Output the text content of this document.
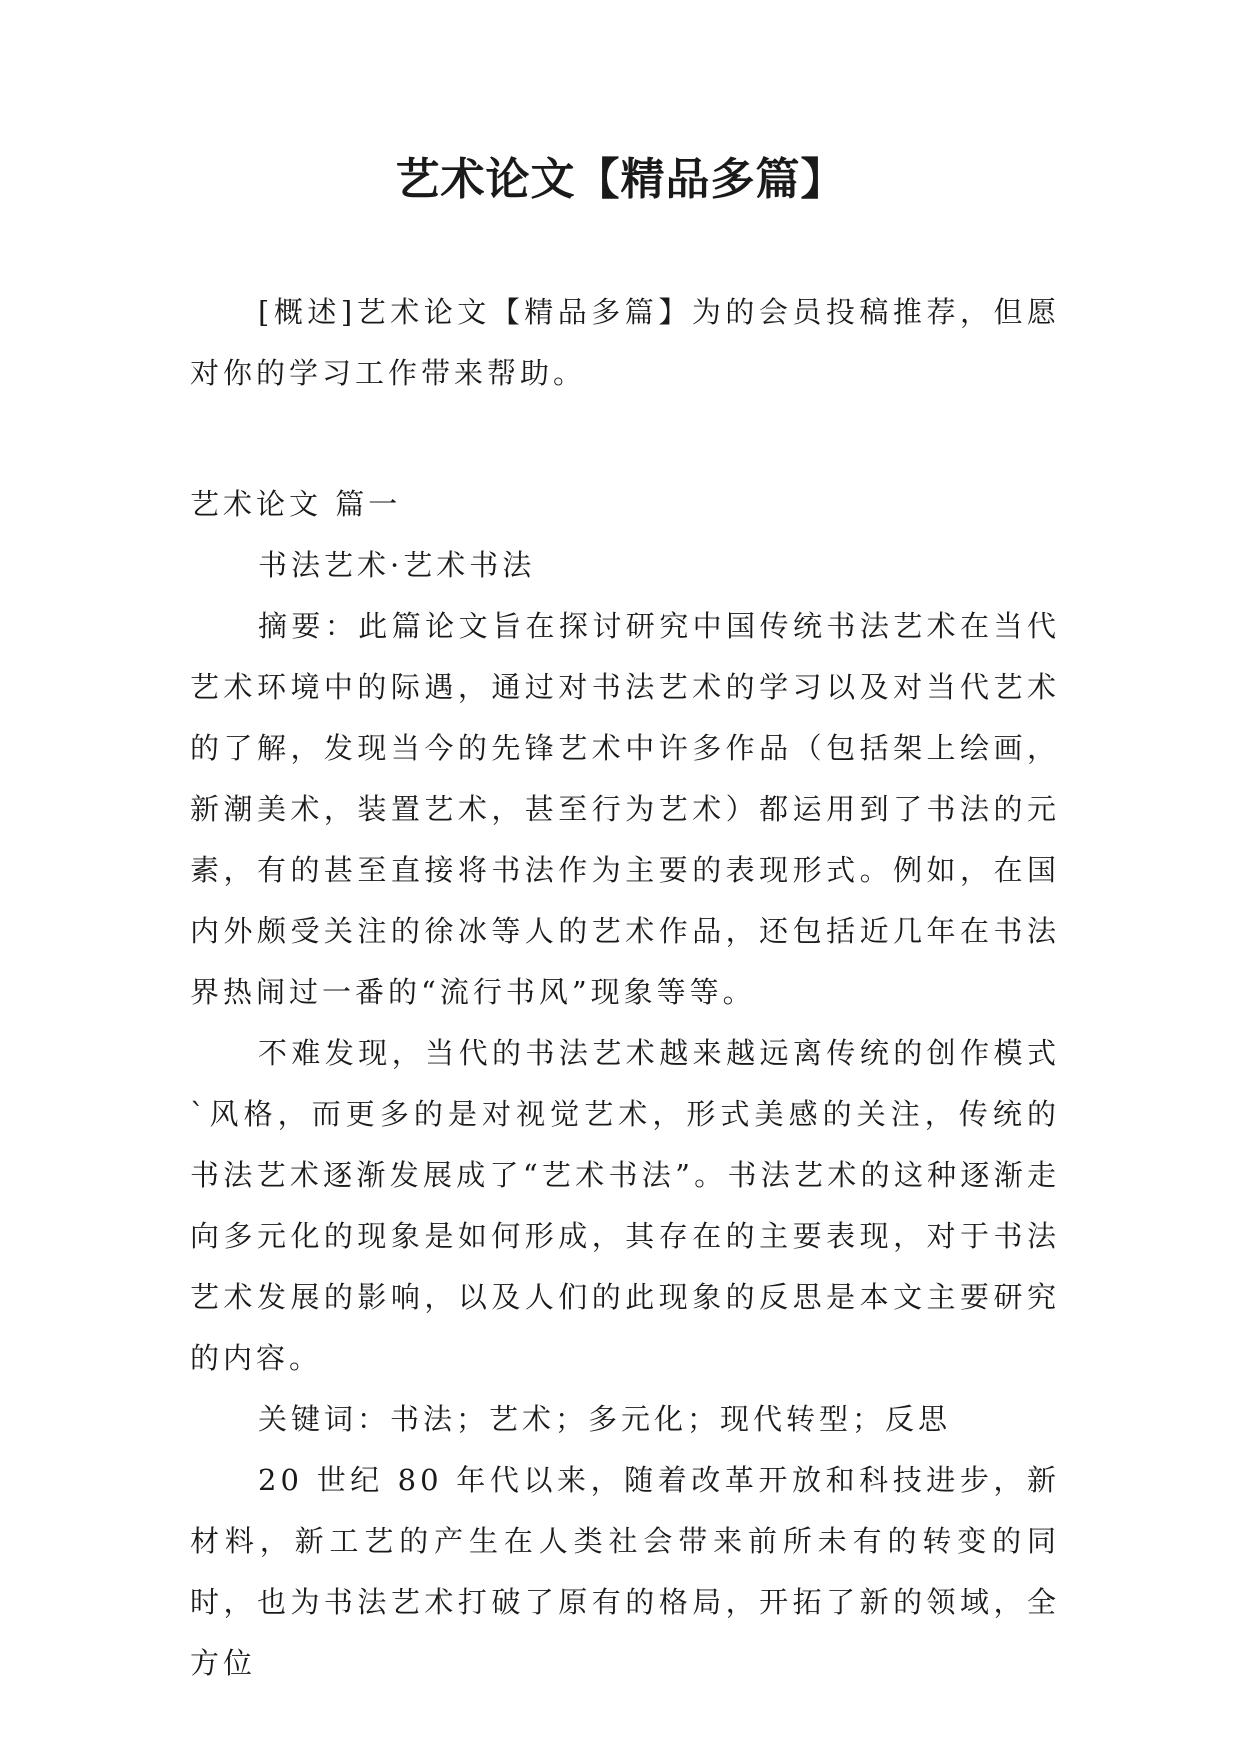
艺术论文【精品多篇】

[概述]艺术论文【精品多篇】为的会员投稿推荐，但愿对你的学习工作带来帮助。

艺术论文 篇一

书法艺术·艺术书法

摘要：此篇论文旨在探讨研究中国传统书法艺术在当代艺术环境中的际遇，通过对书法艺术的学习以及对当代艺术的了解，发现当今的先锋艺术中许多作品（包括架上绘画，新潮美术，装置艺术，甚至行为艺术）都运用到了书法的元素，有的甚至直接将书法作为主要的表现形式。例如，在国内外颇受关注的徐冰等人的艺术作品，还包括近几年在书法界热闹过一番的“流行书风”现象等等。

不难发现，当代的书法艺术越来越远离传统的创作模式`风格，而更多的是对视觉艺术，形式美感的关注，传统的书法艺术逐渐发展成了“艺术书法”。书法艺术的这种逐渐走向多元化的现象是如何形成，其存在的主要表现，对于书法艺术发展的影响，以及人们的此现象的反思是本文主要研究的内容。

关键词：书法；艺术；多元化；现代转型；反思

20 世纪 80 年代以来，随着改革开放和科技进步，新材料，新工艺的产生在人类社会带来前所未有的转变的同时，也为书法艺术打破了原有的格局，开拓了新的领域，全方位
